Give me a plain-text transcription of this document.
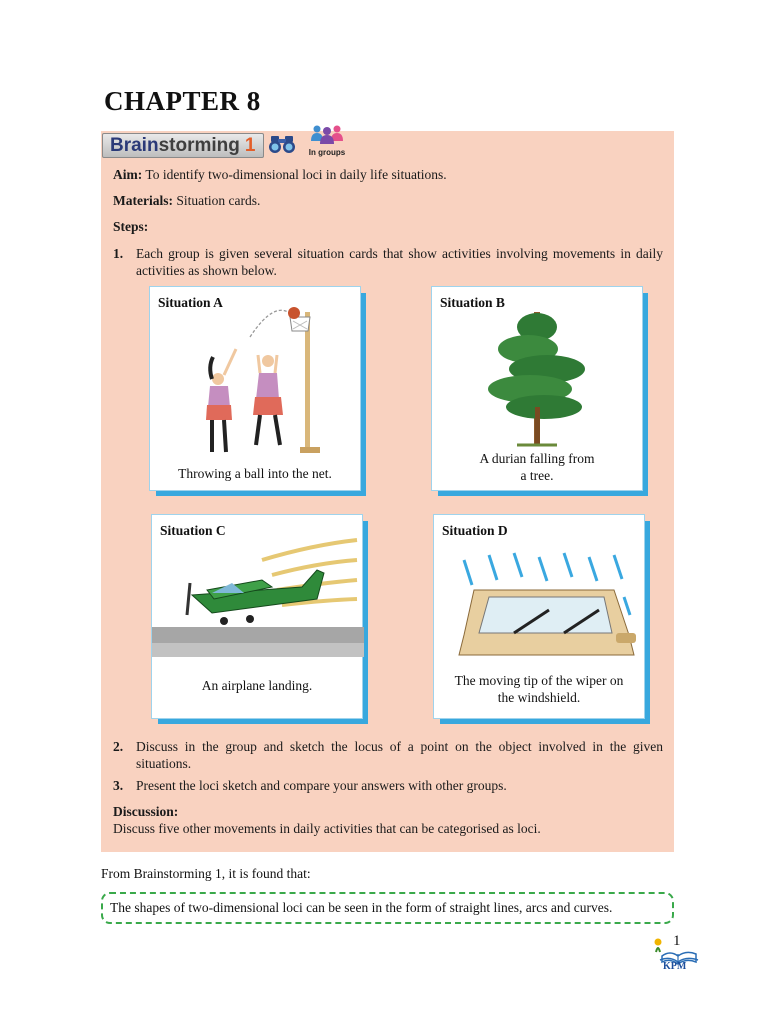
CHAPTER 8
Brainstorming 1	In groups

Aim: To identify two-dimensional loci in daily life situations.

Materials: Situation cards.

Steps:

1. Each group is given several situation cards that show activities involving movements in daily activities as shown below.
Situation A
Throwing a ball into the net.
Situation B
A durian falling from
a tree.
Situation C
An airplane landing.
Situation D
The moving tip of the wiper on
the windshield.
2. Discuss in the group and sketch the locus of a point on the object involved in the given situations.
3. Present the loci sketch and compare your answers with other groups.

Discussion:

Discuss five other movements in daily activities that can be categorised as loci.

From Brainstorming 1, it is found that:

The shapes of two-dimensional loci can be seen in the form of straight lines, arcs and curves.
1
KPM
